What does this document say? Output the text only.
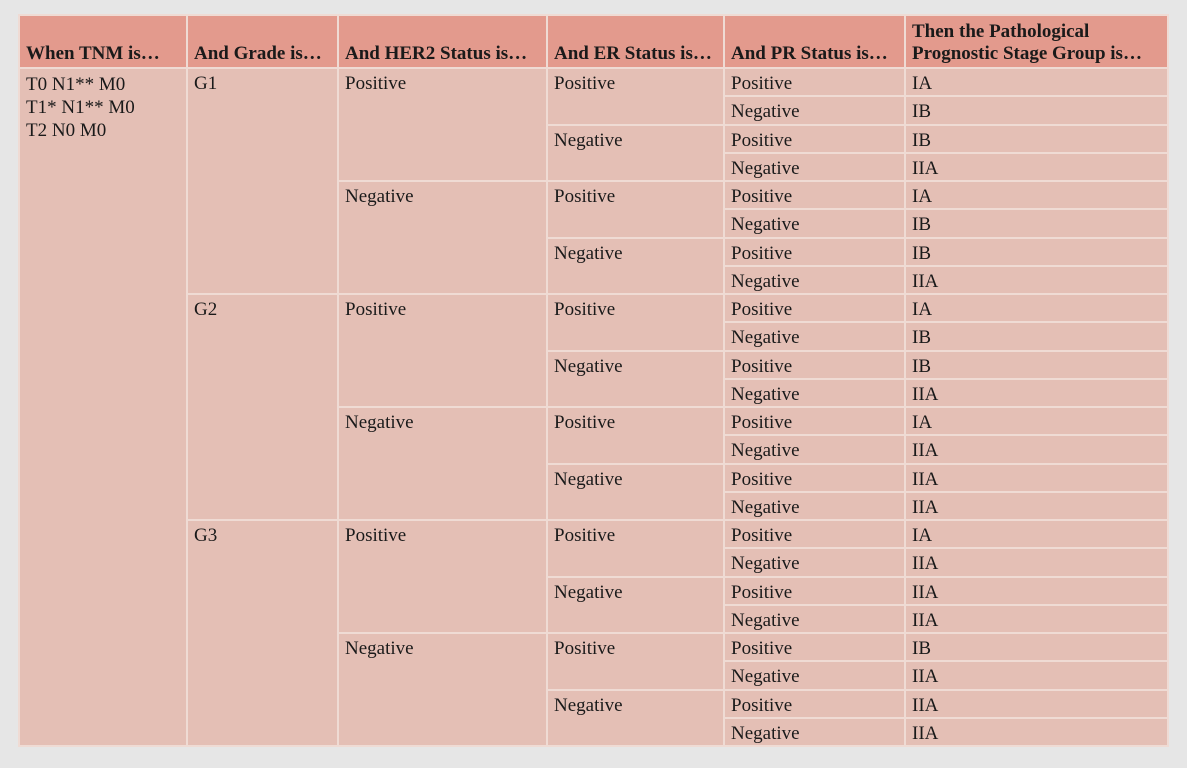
When TNM is…	And Grade is…	And HER2 Status is…	And ER Status is…	And PR Status is…	Then the Pathological
Prognostic Stage Group is…

T0 N1** M0
T1* N1** M0
T2 N0 M0	G1	Positive	Positive	Positive	IA
				Negative	IB
			Negative	Positive	IB
				Negative	IIA
		Negative	Positive	Positive	IA
				Negative	IB
			Negative	Positive	IB
				Negative	IIA
	G2	Positive	Positive	Positive	IA
				Negative	IB
			Negative	Positive	IB
				Negative	IIA
		Negative	Positive	Positive	IA
				Negative	IIA
			Negative	Positive	IIA
				Negative	IIA
	G3	Positive	Positive	Positive	IA
				Negative	IIA
			Negative	Positive	IIA
				Negative	IIA
		Negative	Positive	Positive	IB
				Negative	IIA
			Negative	Positive	IIA
				Negative	IIA
